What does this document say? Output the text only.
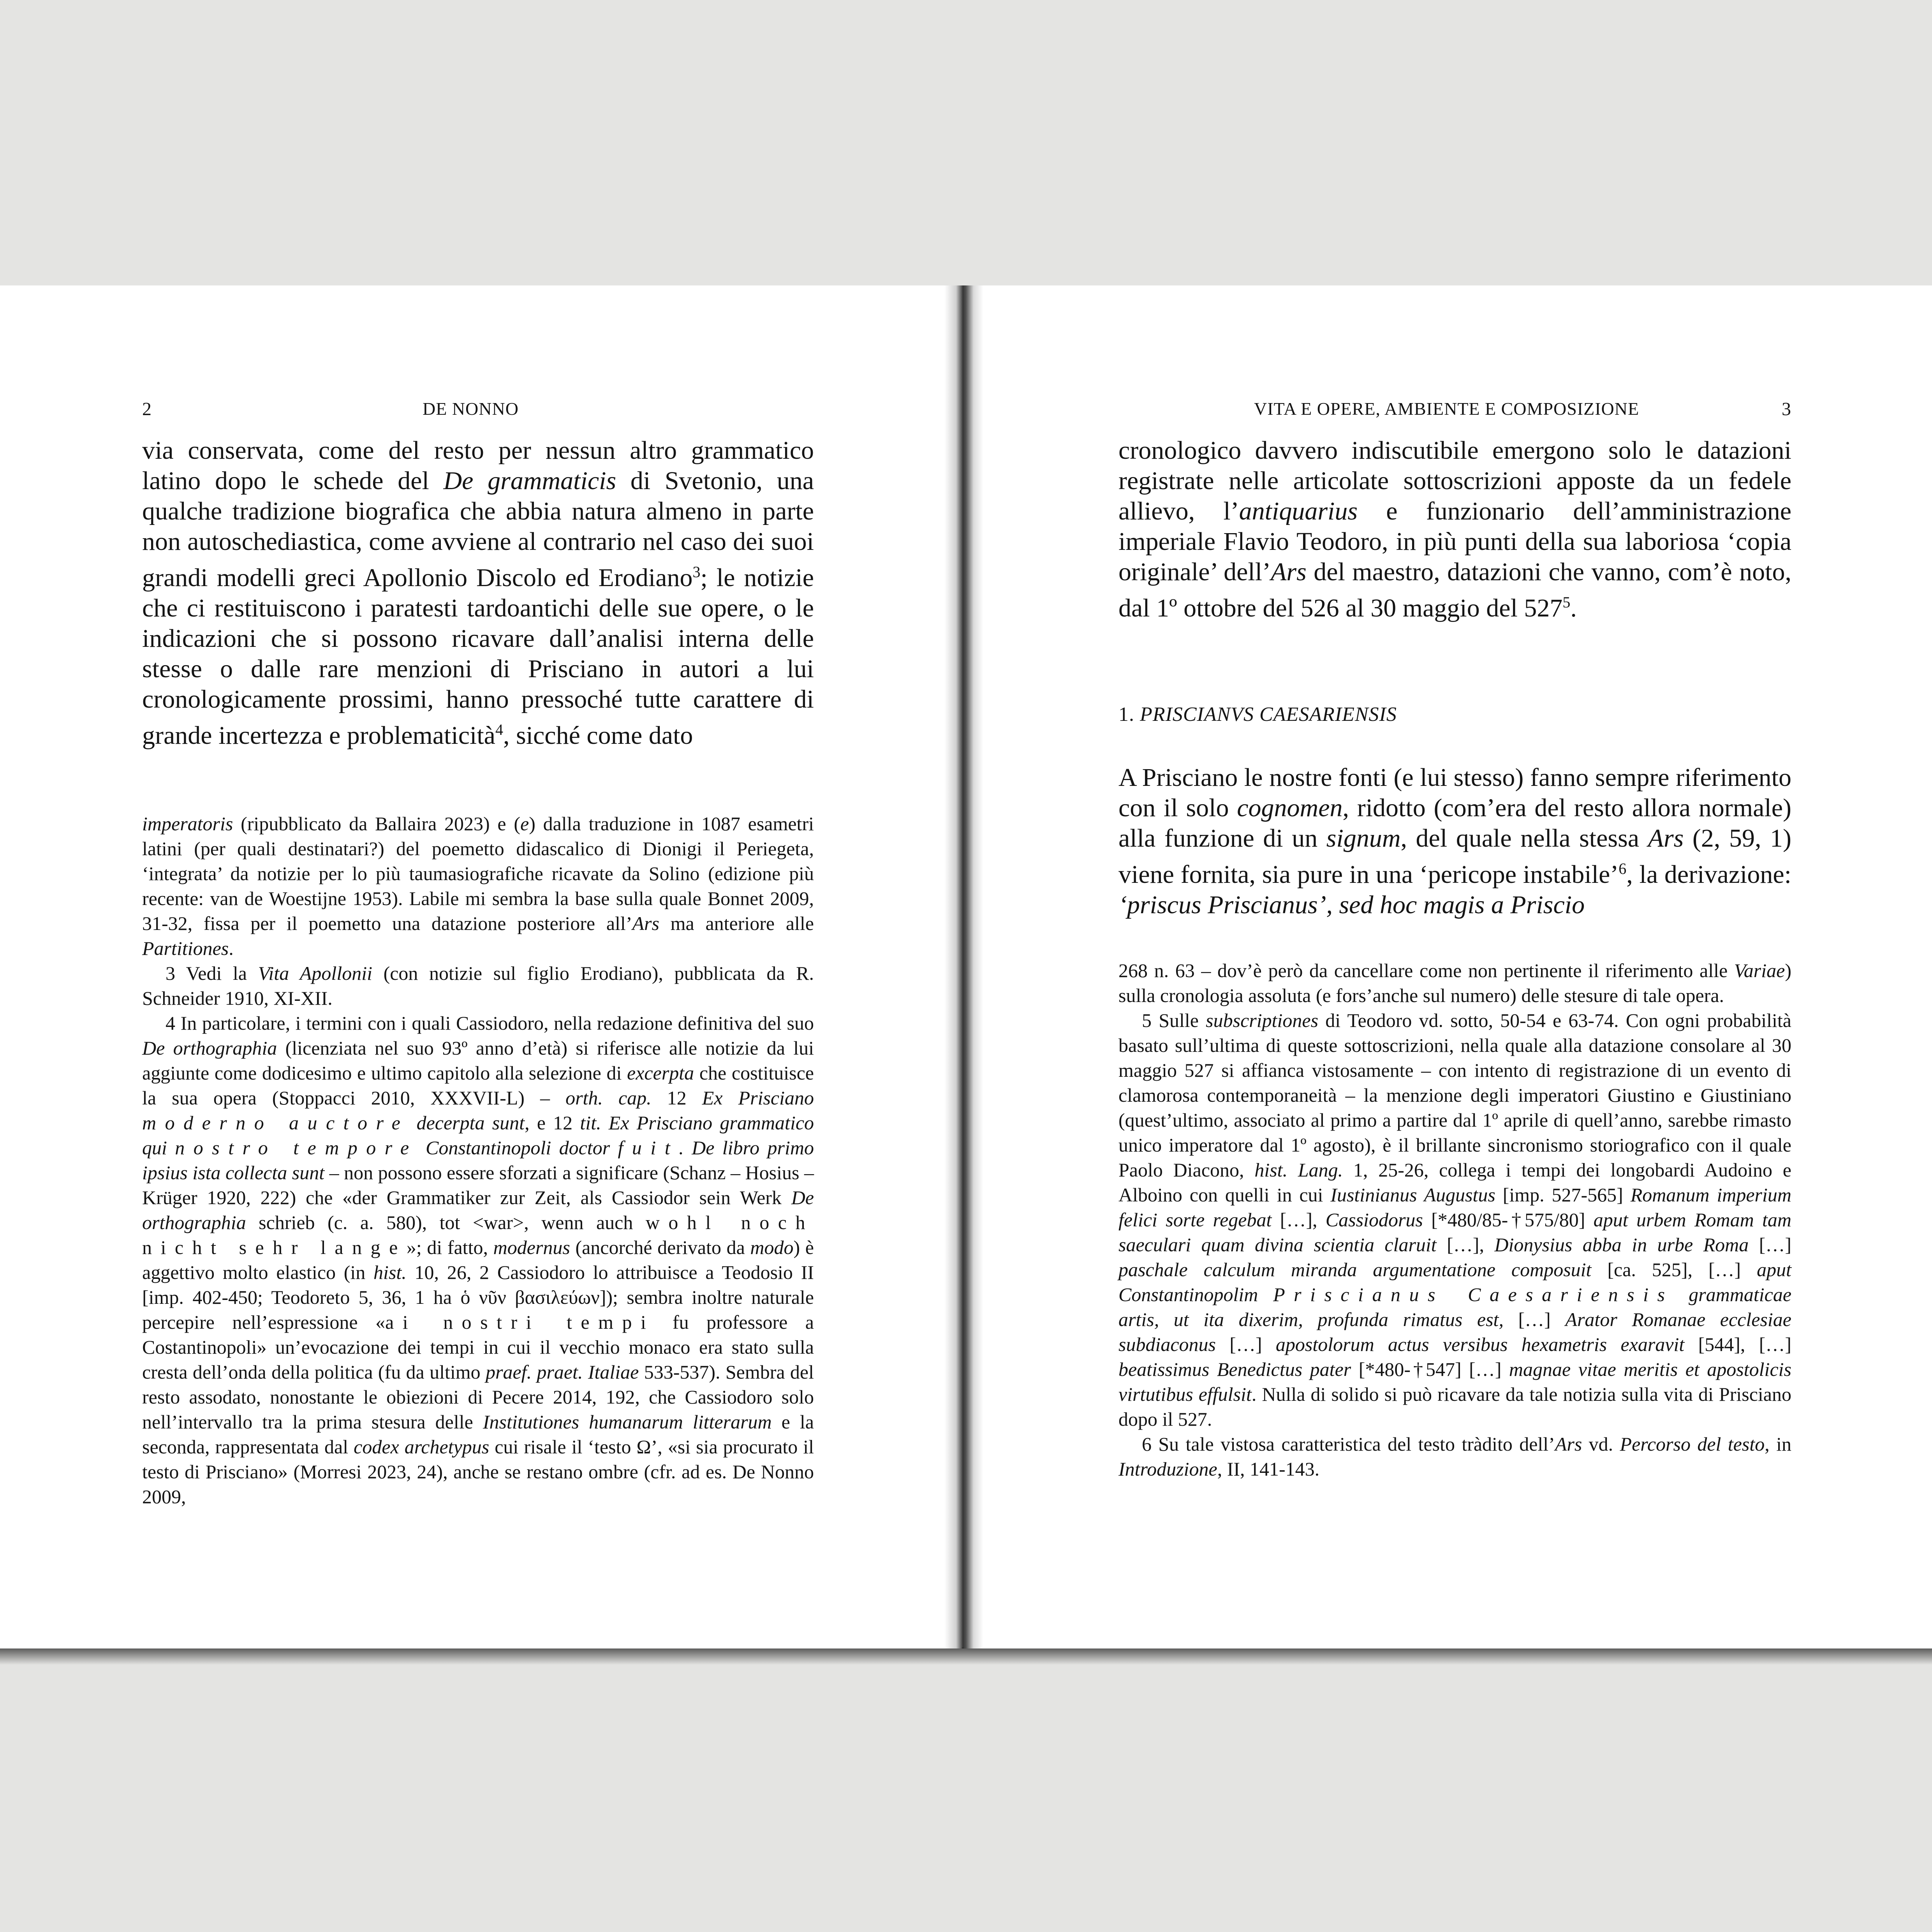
2	DE NONNO

via conservata, come del resto per nessun altro grammatico latino dopo le schede del De grammaticis di Svetonio, una qualche tradizione biografica che abbia natura almeno in parte non autoschediastica, come avviene al contrario nel caso dei suoi grandi modelli greci Apollonio Discolo ed Erodiano$^3$; le notizie che ci restituiscono i paratesti tardoantichi delle sue opere, o le indicazioni che si possono ricavare dall’analisi interna delle stesse o dalle rare menzioni di Prisciano in autori a lui cronologicamente prossimi, hanno pressoché tutte carattere di grande incertezza e problematicità$^4$, sicché come dato

imperatoris (ripubblicato da Ballaira 2023) e (e) dalla traduzione in 1087 esametri latini (per quali destinatari?) del poemetto didascalico di Dionigi il Periegeta, ‘integrata’ da notizie per lo più taumasiografiche ricavate da Solino (edizione più recente: van de Woestijne 1953). Labile mi sembra la base sulla quale Bonnet 2009, 31-32, fissa per il poemetto una datazione posteriore all’Ars ma anteriore alle Partitiones.

3 Vedi la Vita Apollonii (con notizie sul figlio Erodiano), pubblicata da R. Schneider 1910, XI-XII.

4 In particolare, i termini con i quali Cassiodoro, nella redazione definitiva del suo De orthographia (licenziata nel suo 93º anno d’età) si riferisce alle notizie da lui aggiunte come dodicesimo e ultimo capitolo alla selezione di excerpta che costituisce la sua opera (Stoppacci 2010, XXXVII-L) – orth. cap. 12 Ex Prisciano moderno auctore decerpta sunt, e 12 tit. Ex Prisciano grammatico qui nostro tempore Constantinopoli doctor fuit. De libro primo ipsius ista collecta sunt – non possono essere sforzati a significare (Schanz – Hosius – Krüger 1920, 222) che «der Grammatiker zur Zeit, als Cassiodor sein Werk De orthographia schrieb (c. a. 580), tot <war>, wenn auch wohl noch nicht sehr lange»; di fatto, modernus (ancorché derivato da modo) è aggettivo molto elastico (in hist. 10, 26, 2 Cassiodoro lo attribuisce a Teodosio II [imp. 402-450; Teodoreto 5, 36, 1 ha ὁ νῦν βασιλεύων]); sembra inoltre naturale percepire nell’espressione «ai nostri tempi fu professore a Costantinopoli» un’evocazione dei tempi in cui il vecchio monaco era stato sulla cresta dell’onda della politica (fu da ultimo praef. praet. Italiae 533-537). Sembra del resto assodato, nonostante le obiezioni di Pecere 2014, 192, che Cassiodoro solo nell’intervallo tra la prima stesura delle Institutiones humanarum litterarum e la seconda, rappresentata dal codex archetypus cui risale il ‘testo Ω’, «si sia procurato il testo di Prisciano» (Morresi 2023, 24), anche se restano ombre (cfr. ad es. De Nonno 2009,

VITA E OPERE, AMBIENTE E COMPOSIZIONE	3

cronologico davvero indiscutibile emergono solo le datazioni registrate nelle articolate sottoscrizioni apposte da un fedele allievo, l’antiquarius e funzionario dell’amministrazione imperiale Flavio Teodoro, in più punti della sua laboriosa ‘copia originale’ dell’Ars del maestro, datazioni che vanno, com’è noto, dal 1º ottobre del 526 al 30 maggio del $527^5$.

1. PRISCIANVS CAESARIENSIS

A Prisciano le nostre fonti (e lui stesso) fanno sempre riferimento con il solo cognomen, ridotto (com’era del resto allora normale) alla funzione di un signum, del quale nella stessa Ars (2, 59, 1) viene fornita, sia pure in una ‘pericope instabile’$^6$, la derivazione: ‘priscus Priscianus’, sed hoc magis a Priscio

268 n. 63 – dov’è però da cancellare come non pertinente il riferimento alle Variae) sulla cronologia assoluta (e fors’anche sul numero) delle stesure di tale opera.

5 Sulle subscriptiones di Teodoro vd. sotto, 50-54 e 63-74. Con ogni probabilità basato sull’ultima di queste sottoscrizioni, nella quale alla datazione consolare al 30 maggio 527 si affianca vistosamente – con intento di registrazione di un evento di clamorosa contemporaneità – la menzione degli imperatori Giustino e Giustiniano (quest’ultimo, associato al primo a partire dal 1º aprile di quell’anno, sarebbe rimasto unico imperatore dal 1º agosto), è il brillante sincronismo storiografico con il quale Paolo Diacono, hist. Lang. 1, 25-26, collega i tempi dei longobardi Audoino e Alboino con quelli in cui Iustinianus Augustus [imp. 527-565] Romanum imperium felici sorte regebat […], Cassiodorus [*480/85-†575/80] aput urbem Romam tam saeculari quam divina scientia claruit […], Dionysius abba in urbe Roma […] paschale calculum miranda argumentatione composuit [ca. 525], […] aput Constantinopolim Priscianus Caesariensis grammaticae artis, ut ita dixerim, profunda rimatus est, […] Arator Romanae ecclesiae subdiaconus […] apostolorum actus versibus hexametris exaravit [544], […] beatissimus Benedictus pater [*480-†547] […] magnae vitae meritis et apostolicis virtutibus effulsit. Nulla di solido si può ricavare da tale notizia sulla vita di Prisciano dopo il 527.

6 Su tale vistosa caratteristica del testo tràdito dell’Ars vd. Percorso del testo, in Introduzione, II, 141-143.
